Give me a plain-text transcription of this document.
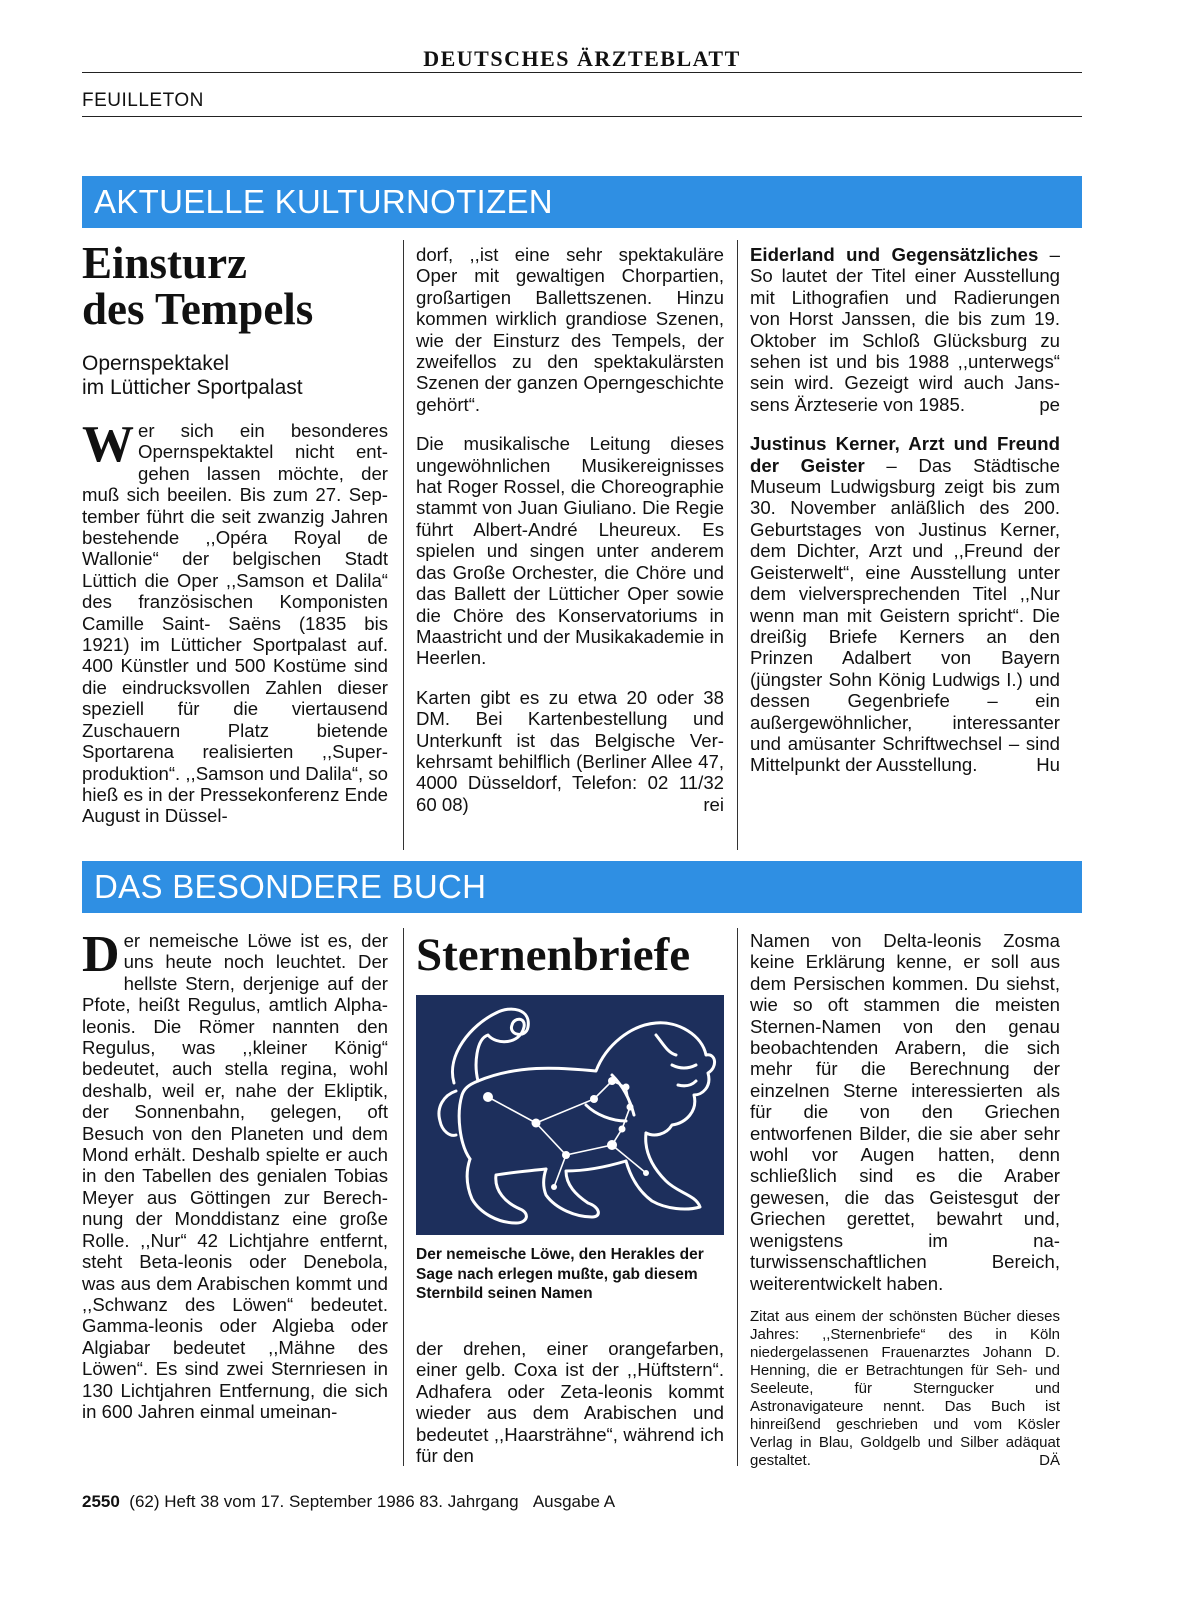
DEUTSCHES ÄRZTEBLATT
FEUILLETON
AKTUELLE KULTURNOTIZEN
Einsturz
des Tempels
Opernspektakel
im Lütticher Sportpalast
Wer sich ein besonderes Opernspektaktel nicht entgehen lassen möchte, der muß sich beeilen. Bis zum 27. September führt die seit zwanzig Jahren bestehende ,,Opéra Royal de Wallonie“ der belgischen Stadt Lüttich die Oper ,,Samson et Dalila“ des französischen Komponisten Camille Saint- Saëns (1835 bis 1921) im Lütticher Sportpalast auf. 400 Künstler und 500 Kostüme sind die eindrucksvollen Zahlen dieser speziell für die viertausend Zuschauern Platz bietende Sportarena realisierten ,,Superproduktion“. ,,Samson und Dalila“, so hieß es in der Pressekonferenz Ende August in Düssel-

dorf, ,,ist eine sehr spektakuläre Oper mit gewaltigen Chorpartien, großartigen Ballettszenen. Hinzu kommen wirklich grandiose Szenen, wie der Einsturz des Tempels, der zweifellos zu den spektakulärsten Szenen der ganzen Operngeschichte gehört“.

Die musikalische Leitung dieses ungewöhnlichen Musikereignisses hat Roger Rossel, die Choreographie stammt von Juan Giuliano. Die Regie führt Albert-André Lheureux. Es spielen und singen unter anderem das Große Orchester, die Chöre und das Ballett der Lütticher Oper sowie die Chöre des Konservatoriums in Maastricht und der Musikakademie in Heerlen.

Karten gibt es zu etwa 20 oder 38 DM. Bei Kartenbestellung und Unterkunft ist das Belgische Verkehrsamt behilflich (Berliner Allee 47, 4000 Düsseldorf, Telefon: 02 11/32 60 08)	rei

Eiderland und Gegensätzliches – So lautet der Titel einer Ausstellung mit Lithografien und Radierungen von Horst Janssen, die bis zum 19. Oktober im Schloß Glücksburg zu sehen ist und bis 1988 ,,unterwegs“ sein wird. Gezeigt wird auch Janssens Ärzteserie von 1985.	pe

Justinus Kerner, Arzt und Freund der Geister – Das Städtische Museum Ludwigsburg zeigt bis zum 30. November anläßlich des 200. Geburtstages von Justinus Kerner, dem Dichter, Arzt und ,,Freund der Geisterwelt“, eine Ausstellung unter dem vielversprechenden Titel ,,Nur wenn man mit Geistern spricht“. Die dreißig Briefe Kerners an den Prinzen Adalbert von Bayern (jüngster Sohn König Ludwigs I.) und dessen Gegenbriefe – ein außergewöhnlicher, interessanter und amüsanter Schriftwechsel – sind Mittelpunkt der Ausstellung.	Hu

DAS BESONDERE BUCH
Der nemeische Löwe ist es, der uns heute noch leuchtet. Der hellste Stern, derjenige auf der Pfote, heißt Regulus, amtlich Alpha-leonis. Die Römer nannten den Regulus, was ,,kleiner König“ bedeutet, auch stella regina, wohl deshalb, weil er, nahe der Ekliptik, der Sonnenbahn, gelegen, oft Besuch von den Planeten und dem Mond erhält. Deshalb spielte er auch in den Tabellen des genialen Tobias Meyer aus Göttingen zur Berechnung der Monddistanz eine große Rolle. ,,Nur“ 42 Lichtjahre entfernt, steht Beta-leonis oder Denebola, was aus dem Arabischen kommt und ,,Schwanz des Löwen“ bedeutet. Gamma-leonis oder Algieba oder Algiabar bedeutet ,,Mähne des Löwen“. Es sind zwei Sternriesen in 130 Lichtjahren Entfernung, die sich in 600 Jahren einmal umeinan-
Sternenbriefe
Der nemeische Löwe, den Herakles der Sage nach erlegen mußte, gab diesem Sternbild seinen Namen
der drehen, einer orangefarben, einer gelb. Coxa ist der ,,Hüftstern“. Adhafera oder Zeta-leonis kommt wieder aus dem Arabischen und bedeutet ,,Haarsträhne“, während ich für den
Namen von Delta-leonis Zosma keine Erklärung kenne, er soll aus dem Persischen kommen. Du siehst, wie so oft stammen die meisten Sternen-Namen von den genau beobachtenden Arabern, die sich mehr für die Berechnung der einzelnen Sterne interessierten als für die von den Griechen entworfenen Bilder, die sie aber sehr wohl vor Augen hatten, denn schließlich sind es die Araber gewesen, die das Geistesgut der Griechen gerettet, bewahrt und, wenigstens im naturwissenschaftlichen Bereich, weiterentwickelt haben.
Zitat aus einem der schönsten Bücher dieses Jahres: ,,Sternenbriefe“ des in Köln niedergelassenen Frauenarztes Johann D. Henning, die er Betrachtungen für Seh- und Seeleute, für Sterngucker und Astronavigateure nennt. Das Buch ist hinreißend geschrieben und vom Kösler Verlag in Blau, Goldgelb und Silber adäquat gestaltet.	DÄ
2550 (62) Heft 38 vom 17. September 1986 83. Jahrgang Ausgabe A
